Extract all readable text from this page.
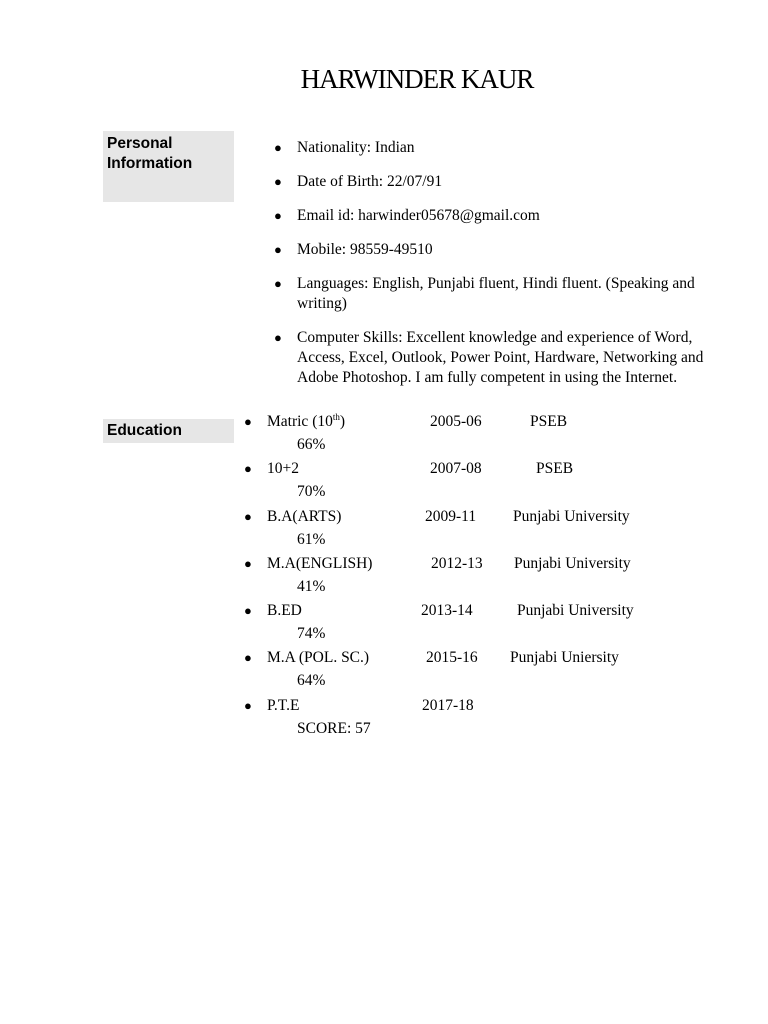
HARWINDER KAUR
Personal
Information
● Nationality: Indian
● Date of Birth: 22/07/91
● Email id: harwinder05678@gmail.com
● Mobile: 98559-49510
● Languages: English, Punjabi fluent, Hindi fluent. (Speaking and writing)
● Computer Skills: Excellent knowledge and experience of Word, Access, Excel, Outlook, Power Point, Hardware, Networking and Adobe Photoshop. I am fully competent in using the Internet.
Education
● Matric (10th)	2005-06	PSEB
66%
● 10+2	2007-08	PSEB
70%
● B.A(ARTS)	2009-11 Punjabi University
61%
● M.A(ENGLISH)	2012-13 Punjabi University
41%
● B.ED	2013-14	Punjabi University
74%
● M.A (POL. SC.)	2015-16 Punjabi Uniersity
64%
● P.T.E	2017-18
SCORE: 57
